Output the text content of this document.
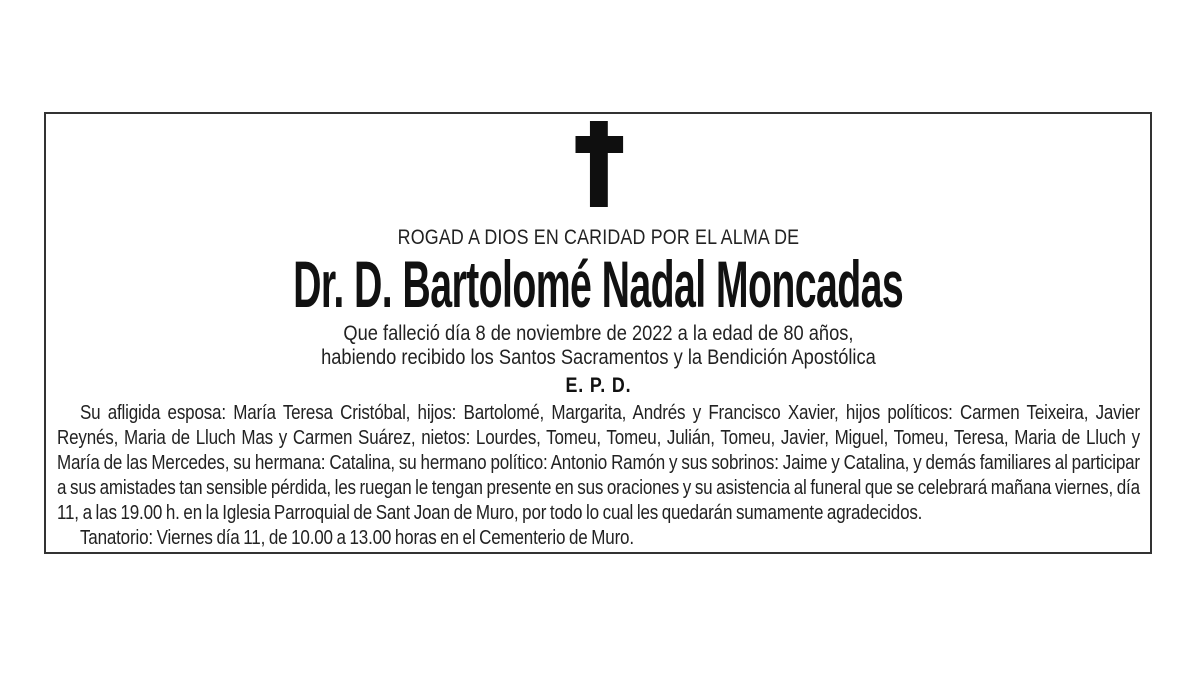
ROGAD A DIOS EN CARIDAD POR EL ALMA DE
Dr. D. Bartolomé Nadal Moncadas
Que falleció día 8 de noviembre de 2022 a la edad de 80 años,
habiendo recibido los Santos Sacramentos y la Bendición Apostólica
E. P. D.

Su afligida esposa: María Teresa Cristóbal, hijos: Bartolomé, Margarita, Andrés y Francisco Xavier, hijos políticos: Carmen Teixeira, Javier Reynés, Maria de Lluch Mas y Carmen Suárez, nietos: Lourdes, Tomeu, Tomeu, Julián, Tomeu, Javier, Miguel, Tomeu, Teresa, Maria de Lluch y María de las Mercedes, su hermana: Catalina, su hermano político: Antonio Ramón y sus sobrinos: Jaime y Catalina, y demás familiares al participar a sus amistades tan sensible pérdida, les ruegan le tengan presente en sus oraciones y su asistencia al funeral que se celebrará mañana viernes, día 11, a las 19.00 h. en la Iglesia Parroquial de Sant Joan de Muro, por todo lo cual les quedarán sumamente agradecidos.

Tanatorio: Viernes día 11, de 10.00 a 13.00 horas en el Cementerio de Muro.
